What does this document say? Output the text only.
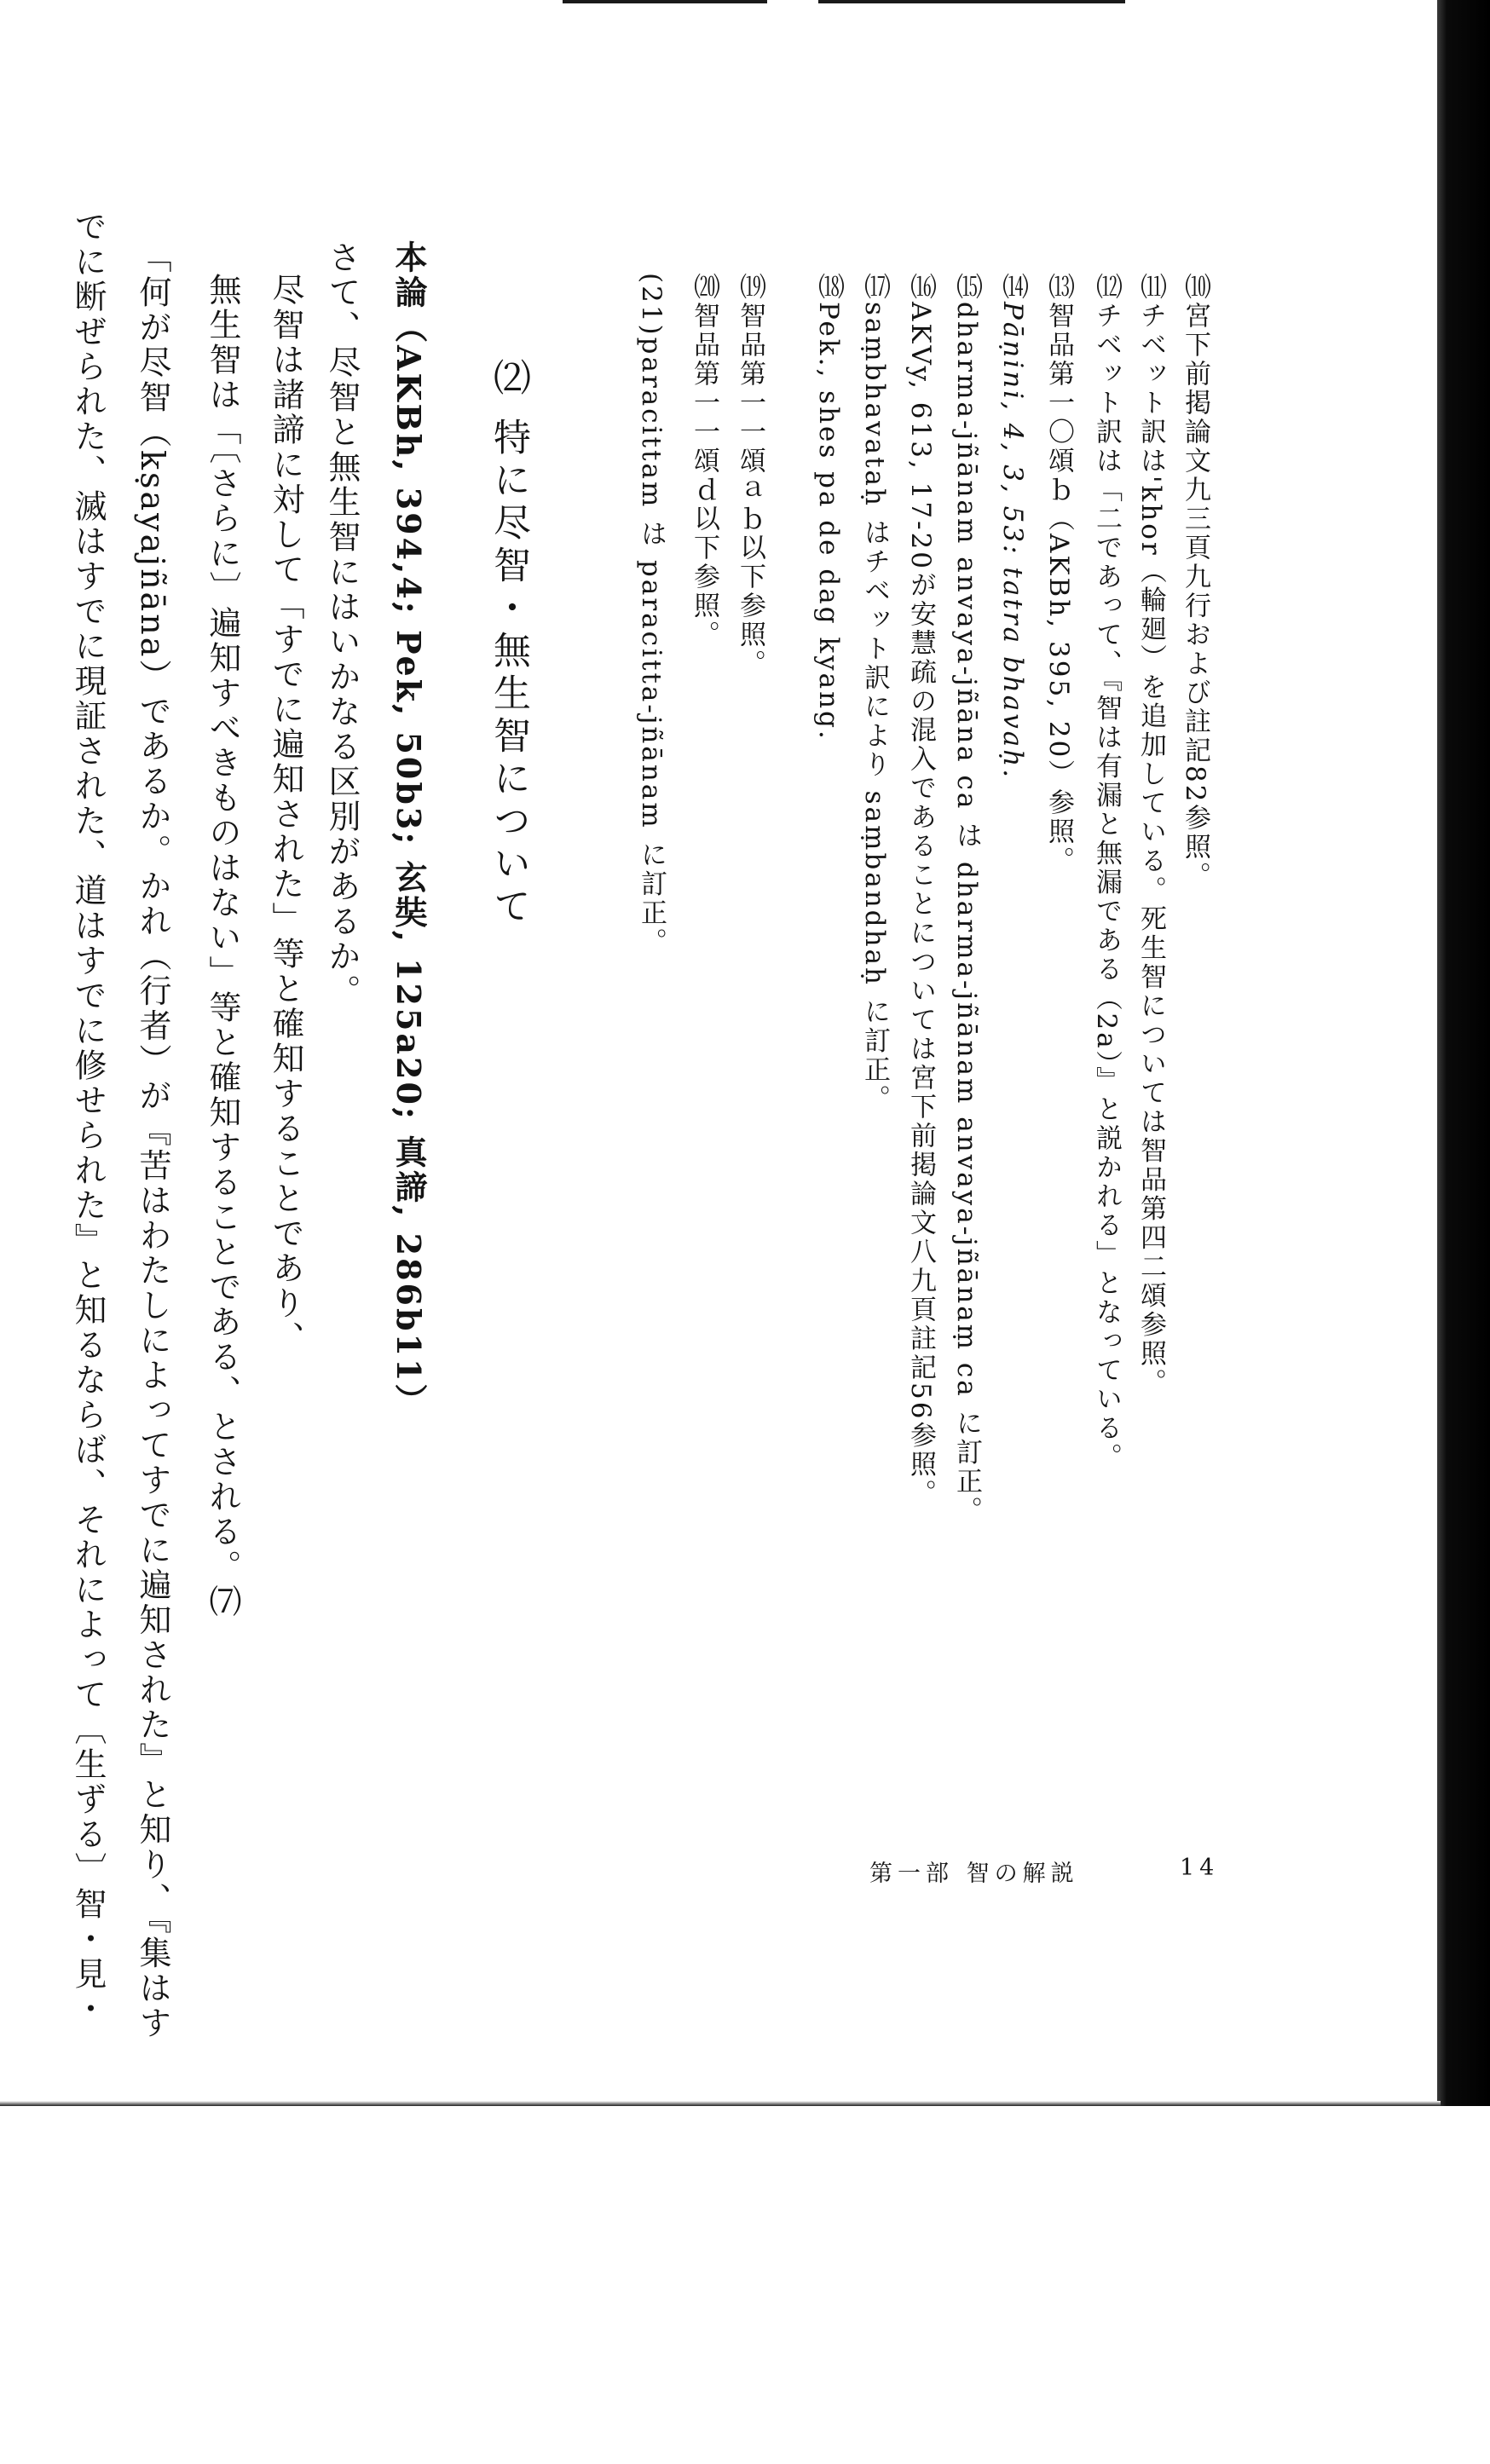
⑽宮下前掲論文九三頁九行および註記82参照。
⑾チベット訳は'khor（輪廻）を追加している。死生智については智品第四二頌参照。
⑿チベット訳は「二であって、『智は有漏と無漏である（2a）』と説かれる」となっている。
⒀智品第一〇頌ｂ（AKBh, 395, 20）参照。
⒁Pāṇini, 4, 3, 53: tatra bhavaḥ.
⒂dharma-jñānam anvaya-jñāna ca は dharma-jñānam anvaya-jñānaṃ ca に訂正。
⒃AKVy, 613, 17-20が安慧疏の混入であることについては宮下前掲論文八九頁註記56参照。
⒄saṃbhavataḥ はチベット訳により saṃbandhaḥ に訂正。
⒅Pek., shes pa de dag kyang.
⒆智品第一一頌ａｂ以下参照。
⒇智品第一一頌ｄ以下参照。
(21)paracittam は paracitta-jñānam に訂正。
⑵ 特に尽智・無生智について
本論（AKBh, 394,4; Pek, 50b3; 玄奘, 125a20; 真諦, 286b11）
さて、尽智と無生智にはいかなる区別があるか。
尽智は諸諦に対して「すでに遍知された」等と確知することであり、
無生智は「〔さらに〕遍知すべきものはない」等と確知することである、とされる。⑺
「何が尽智（kṣayajñāna）であるか。かれ（行者）が『苦はわたしによってすでに遍知された』と知り、『集はす
でに断ぜられた、滅はすでに現証された、道はすでに修せられた』と知るならば、それによって〔生ずる〕智・見・	第一部 智の解説	14
